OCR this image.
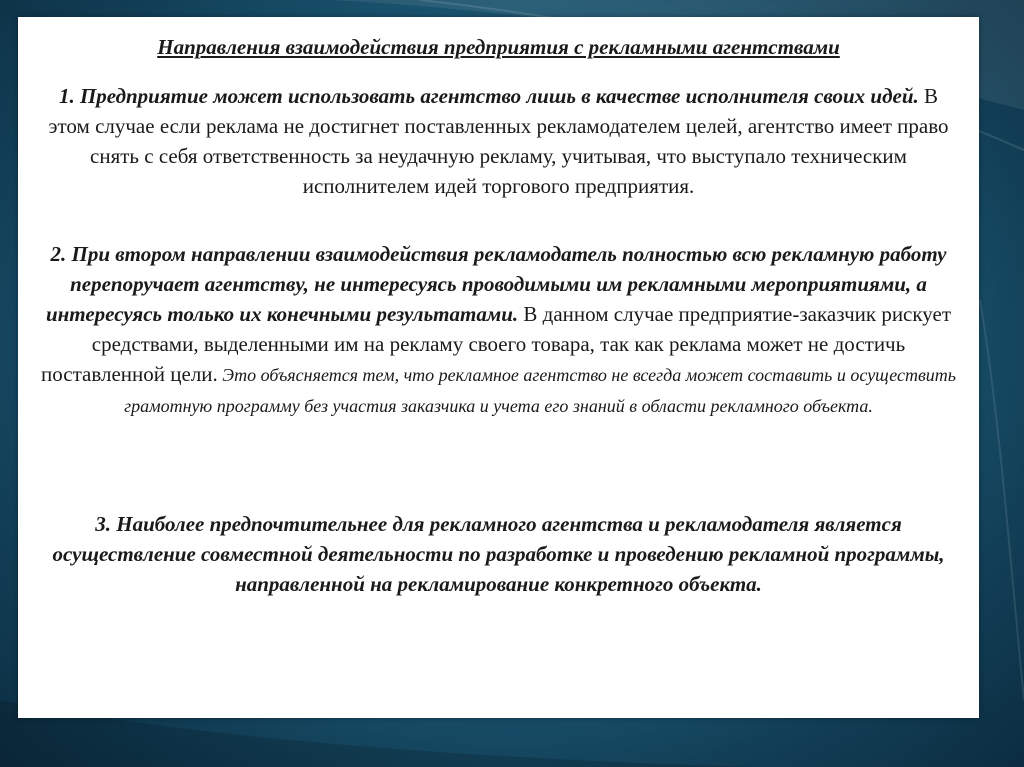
Направления взаимодействия предприятия с рекламными агентствами

1. Предприятие может использовать агентство лишь в качестве исполнителя своих идей. В этом случае если реклама не достигнет поставленных рекламодателем целей, агентство имеет право снять с себя ответственность за неудачную рекламу, учитывая, что выступало техническим исполнителем идей торгового предприятия.

2. При втором направлении взаимодействия рекламодатель полностью всю рекламную работу перепоручает агентству, не интересуясь проводимыми им рекламными мероприятиями, а интересуясь только их конечными результатами. В данном случае предприятие-заказчик рискует средствами, выделенными им на рекламу своего товара, так как реклама может не достичь поставленной цели. Это объясняется тем, что рекламное агентство не всегда может составить и осуществить грамотную программу без участия заказчика и учета его знаний в области рекламного объекта.

3. Наиболее предпочтительнее для рекламного агентства и рекламодателя является осуществление совместной деятельности по разработке и проведению рекламной программы, направленной на рекламирование конкретного объекта.
